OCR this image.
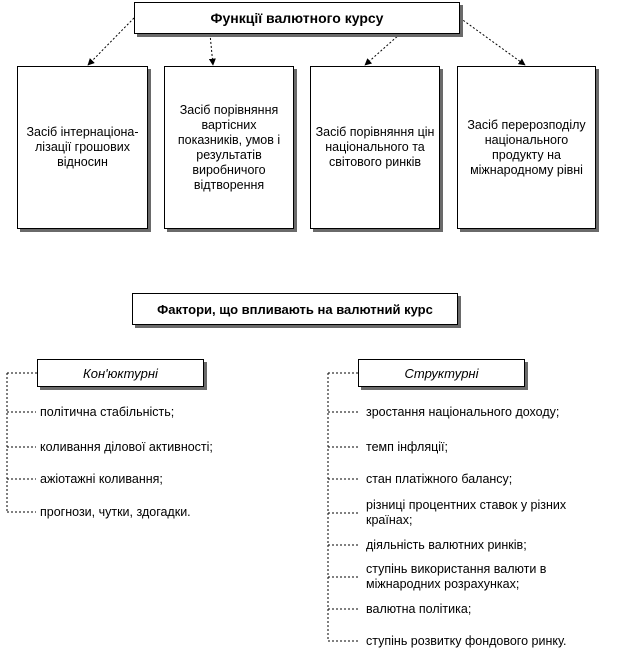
Функції валютного курсу
Засіб інтернаціона-лізації грошових відносин
Засіб порівняння вартісних показників, умов і результатів виробничого відтворення
Засіб порівняння цін національного та світового ринків
Засіб перерозподілу національного продукту на міжнародному рівні
Фактори, що впливають на валютний курс
Кон'юктурні	Структурні
політична стабільність;
коливання ділової активності;
ажіотажні коливання;
прогнози, чутки, здогадки.
зростання національного доходу;
темп інфляції;
стан платіжного балансу;
різниці процентних ставок у різних країнах;
діяльність валютних ринків;
ступінь використання валюти в міжнародних розрахунках;
валютна політика;
ступінь розвитку фондового ринку.
